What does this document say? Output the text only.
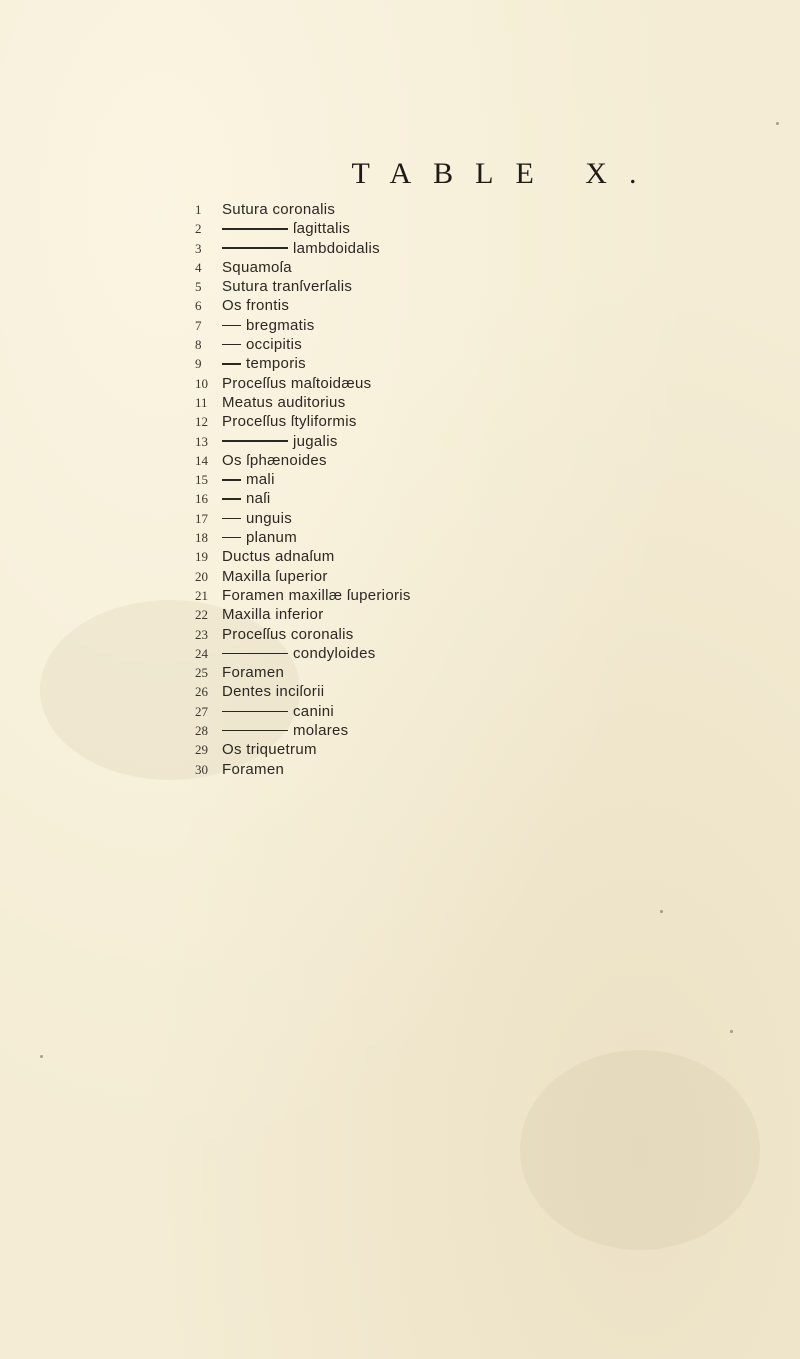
TABLE X.
1	Sutura coronalis
2	ſagittalis
3	lambdoidalis
4	Squamoſa
5	Sutura tranſverſalis
6	Os frontis
7	bregmatis
8	occipitis
9	temporis
10 Proceſſus maſtoidæus
11 Meatus auditorius
12 Proceſſus ſtyliformis
13	jugalis
14 Os ſphænoides
15	mali
16	naſi
17	unguis
18	planum
19 Ductus adnaſum
20 Maxilla ſuperior
21 Foramen maxillæ ſuperioris
22 Maxilla inferior
23 Proceſſus coronalis
24	condyloides
25 Foramen
26 Dentes inciſorii
27	canini
28	molares
29 Os triquetrum
30 Foramen
